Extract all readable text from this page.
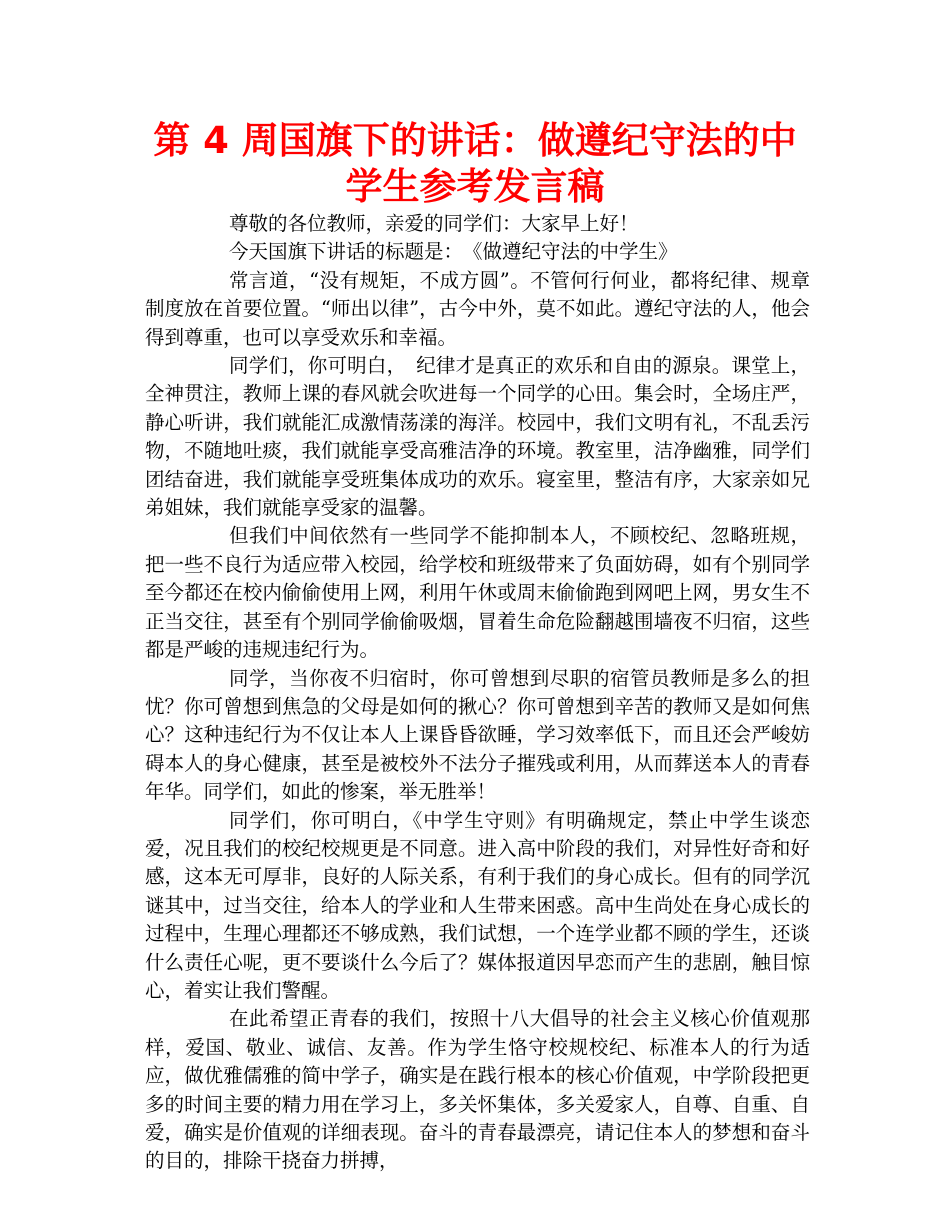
第 4 周国旗下的讲话：做遵纪守法的中学生参考发言稿

尊敬的各位教师，亲爱的同学们：大家早上好！

今天国旗下讲话的标题是：　《做遵纪守法的中学生》

常言道，“没有规矩，不成方圆”。不管何行何业，都将纪律、规章制度放在首要位置。“师出以律”，古今中外，莫不如此。遵纪守法的人，他会得到尊重，也可以享受欢乐和幸福。

同学们，你可明白，　纪律才是真正的欢乐和自由的源泉。课堂上，全神贯注，教师上课的春风就会吹进每一个同学的心田。集会时，全场庄严，静心听讲，我们就能汇成激情荡漾的海洋。校园中，我们文明有礼，不乱丢污物，不随地吐痰，我们就能享受高雅洁净的环境。教室里，洁净幽雅，同学们团结奋进，我们就能享受班集体成功的欢乐。寝室里，整洁有序，大家亲如兄弟姐妹，我们就能享受家的温馨。

但我们中间依然有一些同学不能抑制本人，不顾校纪、忽略班规，把一些不良行为适应带入校园，给学校和班级带来了负面妨碍，如有个别同学至今都还在校内偷偷使用上网，利用午休或周末偷偷跑到网吧上网，男女生不正当交往，甚至有个别同学偷偷吸烟，冒着生命危险翻越围墙夜不归宿，这些都是严峻的违规违纪行为。

同学，当你夜不归宿时，你可曾想到尽职的宿管员教师是多么的担忧？你可曾想到焦急的父母是如何的揪心？你可曾想到辛苦的教师又是如何焦心？这种违纪行为不仅让本人上课昏昏欲睡，学习效率低下，而且还会严峻妨碍本人的身心健康，甚至是被校外不法分子摧残或利用，从而葬送本人的青春年华。同学们，如此的惨案，举无胜举！

同学们，你可明白，《中学生守则》有明确规定，禁止中学生谈恋爱，况且我们的校纪校规更是不同意。进入高中阶段的我们，对异性好奇和好感，这本无可厚非，良好的人际关系，有利于我们的身心成长。但有的同学沉谜其中，过当交往，给本人的学业和人生带来困惑。高中生尚处在身心成长的过程中，生理心理都还不够成熟，我们试想，一个连学业都不顾的学生，还谈什么责任心呢，更不要谈什么今后了？媒体报道因早恋而产生的悲剧，触目惊心，着实让我们警醒。

在此希望正青春的我们，按照十八大倡导的社会主义核心价值观那样，爱国、敬业、诚信、友善。作为学生恪守校规校纪、标准本人的行为适应，做优雅儒雅的简中学子，确实是在践行根本的核心价值观，中学阶段把更多的时间主要的精力用在学习上，多关怀集体，多关爱家人，自尊、自重、自爱，确实是价值观的详细表现。奋斗的青春最漂亮，请记住本人的梦想和奋斗的目的，排除干挠奋力拼搏，
